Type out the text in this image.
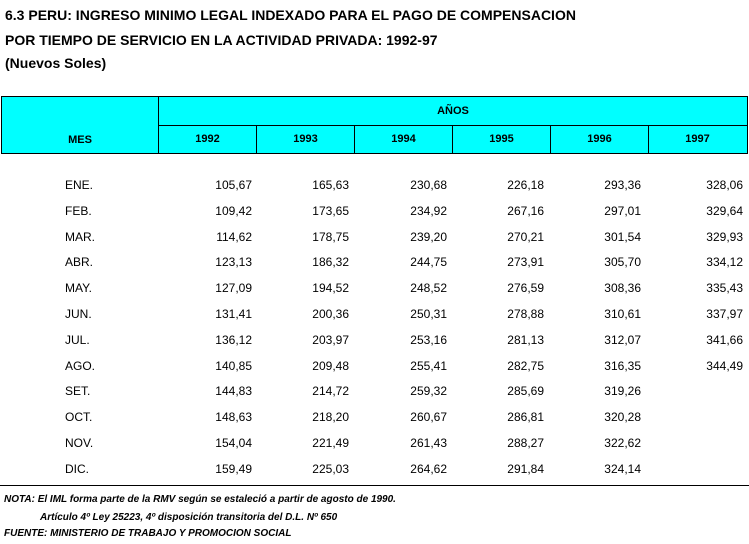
6.3 PERU: INGRESO MINIMO LEGAL INDEXADO PARA EL PAGO DE COMPENSACION
POR TIEMPO DE SERVICIO EN LA ACTIVIDAD PRIVADA: 1992-97
(Nuevos Soles)
MES
AÑOS
1992	1993	1994	1995	1996	1997
ENE.	105,67	165,63	230,68	226,18	293,36	328,06
FEB.	109,42	173,65	234,92	267,16	297,01	329,64
MAR.	114,62	178,75	239,20	270,21	301,54	329,93
ABR.	123,13	186,32	244,75	273,91	305,70	334,12
MAY.	127,09	194,52	248,52	276,59	308,36	335,43
JUN.	131,41	200,36	250,31	278,88	310,61	337,97
JUL.	136,12	203,97	253,16	281,13	312,07	341,66
AGO.	140,85	209,48	255,41	282,75	316,35	344,49
SET.	144,83	214,72	259,32	285,69	319,26
OCT.	148,63	218,20	260,67	286,81	320,28
NOV.	154,04	221,49	261,43	288,27	322,62
DIC.	159,49	225,03	264,62	291,84	324,14
NOTA: El IML forma parte de la RMV según se estaleció a partir de agosto de 1990.
Artículo 4º Ley 25223, 4º disposición transitoria del D.L. Nº 650
FUENTE: MINISTERIO DE TRABAJO Y PROMOCION SOCIAL
